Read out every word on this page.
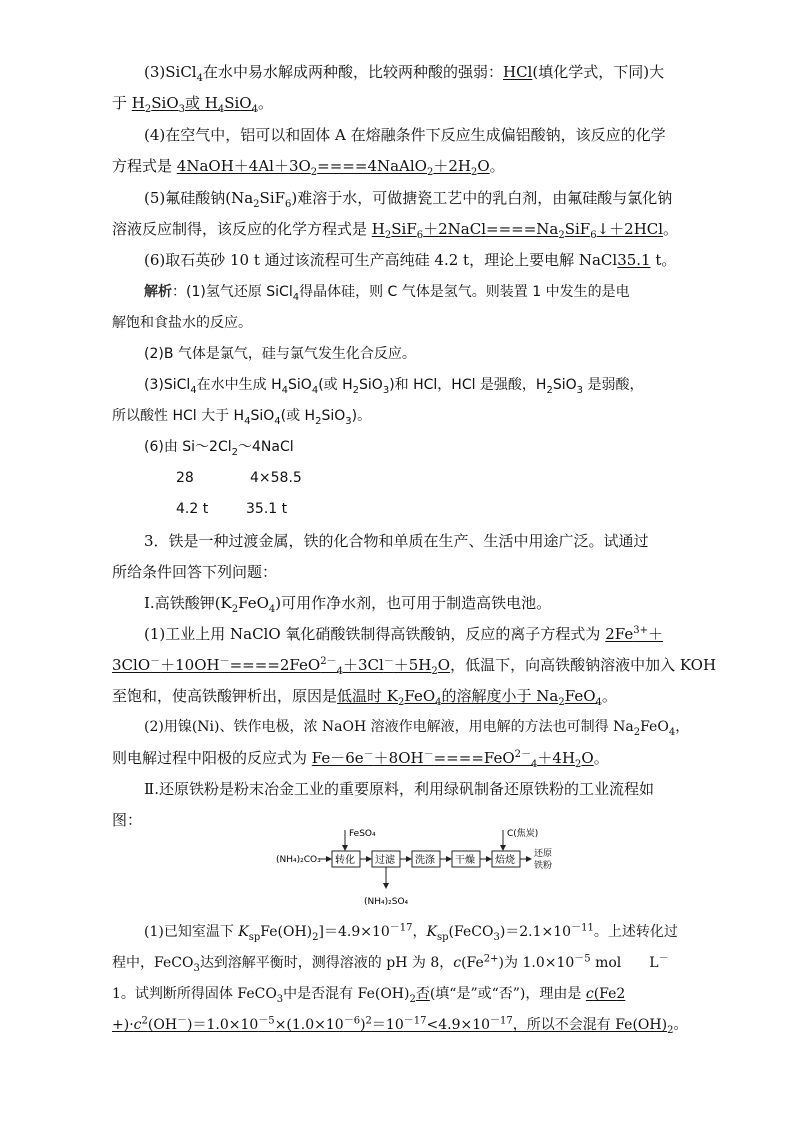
(3)SiCl$_4$在水中易水解成两种酸，比较两种酸的强弱：HCl(填化学式，下同)大
于 $H_2SiO_3$或 $H_4SiO_4$。
(4)在空气中，铝可以和固体 A 在熔融条件下反应生成偏铝酸钠，该反应的化学
方程式是 $4NaOH+4Al+3O_2====4NaAlO_2+2H_2O$。
(5)氟硅酸钠$(Na_2SiF_6)$难溶于水，可做搪瓷工艺中的乳白剂，由氟硅酸与氯化钠
溶液反应制得，该反应的化学方程式是 $H_2SiF_6+2NaCl====Na_2SiF_6↓+2HCl$。
(6)取石英砂 10 t 通过该流程可生产高纯硅 4.2 t，理论上要电解 NaCl35.1 t。
解析：(1)氢气还原 SiCl$_4$得晶体硅，则 C 气体是氢气。则装置 1 中发生的是电
解饱和食盐水的反应。
(2)B 气体是氯气，硅与氯气发生化合反应。
(3)SiCl$_4$在水中生成 $H_4SiO_4$(或 $H_2SiO_3$)和 HCl，HCl 是强酸，$H_2SiO_3$ 是弱酸，
所以酸性 HCl 大于 $H_4SiO_4$(或 $H_2SiO_3$)。
(6)由 $Si\sim 2Cl_2\sim 4NaCl$
28	4×58.5
4.2 t	35.1 t
3．铁是一种过渡金属，铁的化合物和单质在生产、生活中用途广泛。试通过
所给条件回答下列问题：
Ⅰ.高铁酸钾$(K_2FeO_4)$可用作净水剂，也可用于制造高铁电池。
(1)工业上用 NaClO 氧化硝酸铁制得高铁酸钠，反应的离子方程式为 $2Fe^{3+}+$
$3ClO^-+10OH^-====2FeO^{2-}_4+3Cl^-+5H_2O$，低温下，向高铁酸钠溶液中加入 KOH
至饱和，使高铁酸钾析出，原因是低温时 $K_2FeO_4$的溶解度小于 $Na_2FeO_4$。
(2)用镍(Ni)、铁作电极，浓 NaOH 溶液作电解液，用电解的方法也可制得 $Na_2FeO_4$，
则电解过程中阳极的反应式为 $Fe-6e^-+8OH^-====FeO^{2-}_4+4H_2O$。
Ⅱ.还原铁粉是粉末冶金工业的重要原料，利用绿矾制备还原铁粉的工业流程如
图：
(NH₄)₂CO₃
FeSO₄
转化 过滤
(NH₄)₂SO₄
洗涤 干燥
C(焦炭)
焙烧
还原
铁粉
(1)已知室温下 $K_{sp}Fe(OH)_2]=4.9\times 10^{-17}$，$K_{sp}(FeCO_3)=2.1\times 10^{-11}$。上述转化过
程中，FeCO$_3$达到溶解平衡时，测得溶液的 pH 为 8，$c(Fe^{2+})$为 $1.0\times 10^{-5}$ mol　　L－
1。试判断所得固体 FeCO$_3$中是否混有 $Fe(OH)_2$否(填“是”或“否”)，理由是 c(Fe2
$+)\cdot c^2(OH^-)=1.0\times 10^{-5}\times(1.0\times 10^{-6})^2=10^{-17}<4.9\times 10^{-17}$，所以不会混有 $Fe(OH)_2$。
